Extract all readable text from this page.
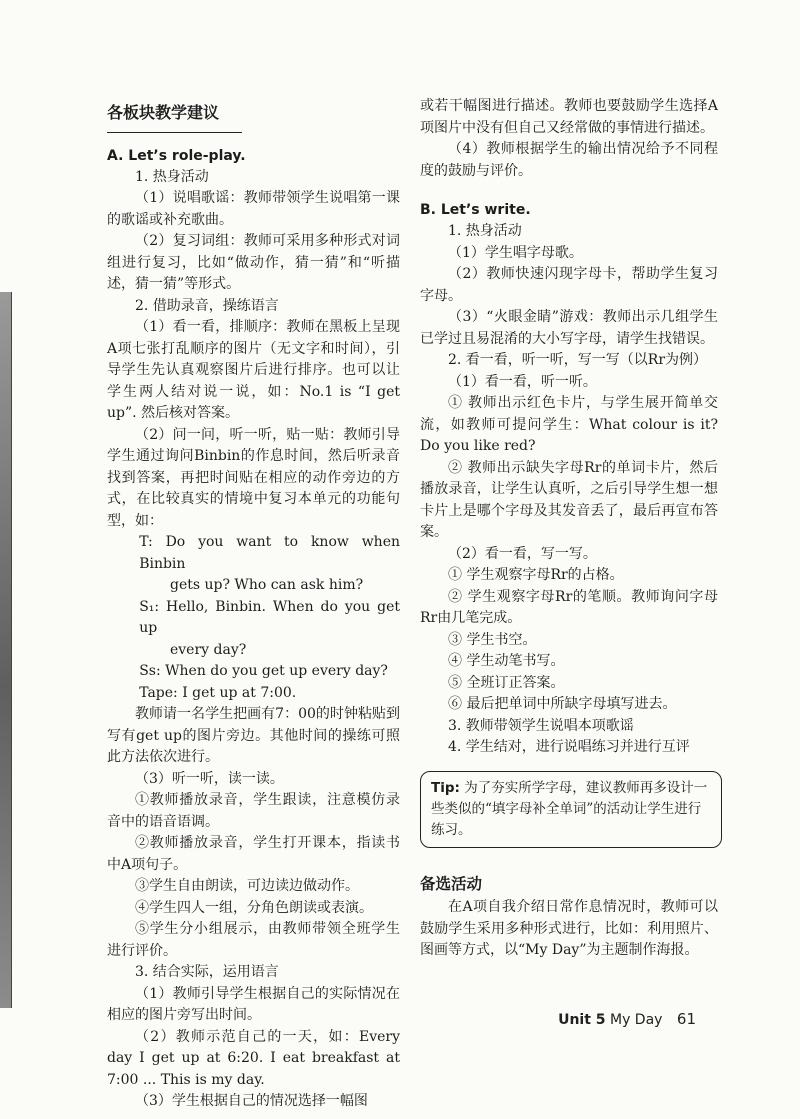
各板块教学建议
A. Let’s role-play.

1. 热身活动

（1）说唱歌谣：教师带领学生说唱第一课的歌谣或补充歌曲。

（2）复习词组：教师可采用多种形式对词组进行复习，比如“做动作，猜一猜”和“听描述，猜一猜”等形式。

2. 借助录音，操练语言

（1）看一看，排顺序：教师在黑板上呈现A项七张打乱顺序的图片（无文字和时间），引导学生先认真观察图片后进行排序。也可以让学生两人结对说一说，如：No.1 is “I get up”. 然后核对答案。

（2）问一问，听一听，贴一贴：教师引导学生通过询问Binbin的作息时间，然后听录音找到答案，再把时间贴在相应的动作旁边的方式，在比较真实的情境中复习本单元的功能句型，如：

T: Do you want to know when Binbin
gets up? Who can ask him?

S₁: Hello, Binbin. When do you get up
every day?

Ss: When do you get up every day?

Tape: I get up at 7:00.

教师请一名学生把画有7：00的时钟粘贴到写有get up的图片旁边。其他时间的操练可照此方法依次进行。

（3）听一听，读一读。

①教师播放录音，学生跟读，注意模仿录音中的语音语调。

②教师播放录音，学生打开课本，指读书中A项句子。

③学生自由朗读，可边读边做动作。

④学生四人一组，分角色朗读或表演。

⑤学生分小组展示，由教师带领全班学生进行评价。

3. 结合实际，运用语言

（1）教师引导学生根据自己的实际情况在相应的图片旁写出时间。

（2）教师示范自己的一天，如：Every day I get up at 6:20. I eat breakfast at 7:00 ... This is my day.

（3）学生根据自己的情况选择一幅图

或若干幅图进行描述。教师也要鼓励学生选择A项图片中没有但自己又经常做的事情进行描述。

（4）教师根据学生的输出情况给予不同程度的鼓励与评价。

B. Let’s write.

1. 热身活动

（1）学生唱字母歌。

（2）教师快速闪现字母卡，帮助学生复习字母。

（3）“火眼金睛”游戏：教师出示几组学生已学过且易混淆的大小写字母，请学生找错误。

2. 看一看，听一听，写一写（以Rr为例）

（1）看一看，听一听。

① 教师出示红色卡片，与学生展开简单交流，如教师可提问学生：What colour is it? Do you like red?

② 教师出示缺失字母Rr的单词卡片，然后播放录音，让学生认真听，之后引导学生想一想卡片上是哪个字母及其发音丢了，最后再宣布答案。

（2）看一看，写一写。

① 学生观察字母Rr的占格。

② 学生观察字母Rr的笔顺。教师询问字母Rr由几笔完成。

③ 学生书空。

④ 学生动笔书写。

⑤ 全班订正答案。

⑥ 最后把单词中所缺字母填写进去。

3. 教师带领学生说唱本项歌谣

4. 学生结对，进行说唱练习并进行互评

Tip: 为了夯实所学字母，建议教师再多设计一些类似的“填字母补全单词”的活动让学生进行练习。
备选活动

在A项自我介绍日常作息情况时，教师可以鼓励学生采用多种形式进行，比如：利用照片、图画等方式，以“My Day”为主题制作海报。

Unit 5 My Day 61
